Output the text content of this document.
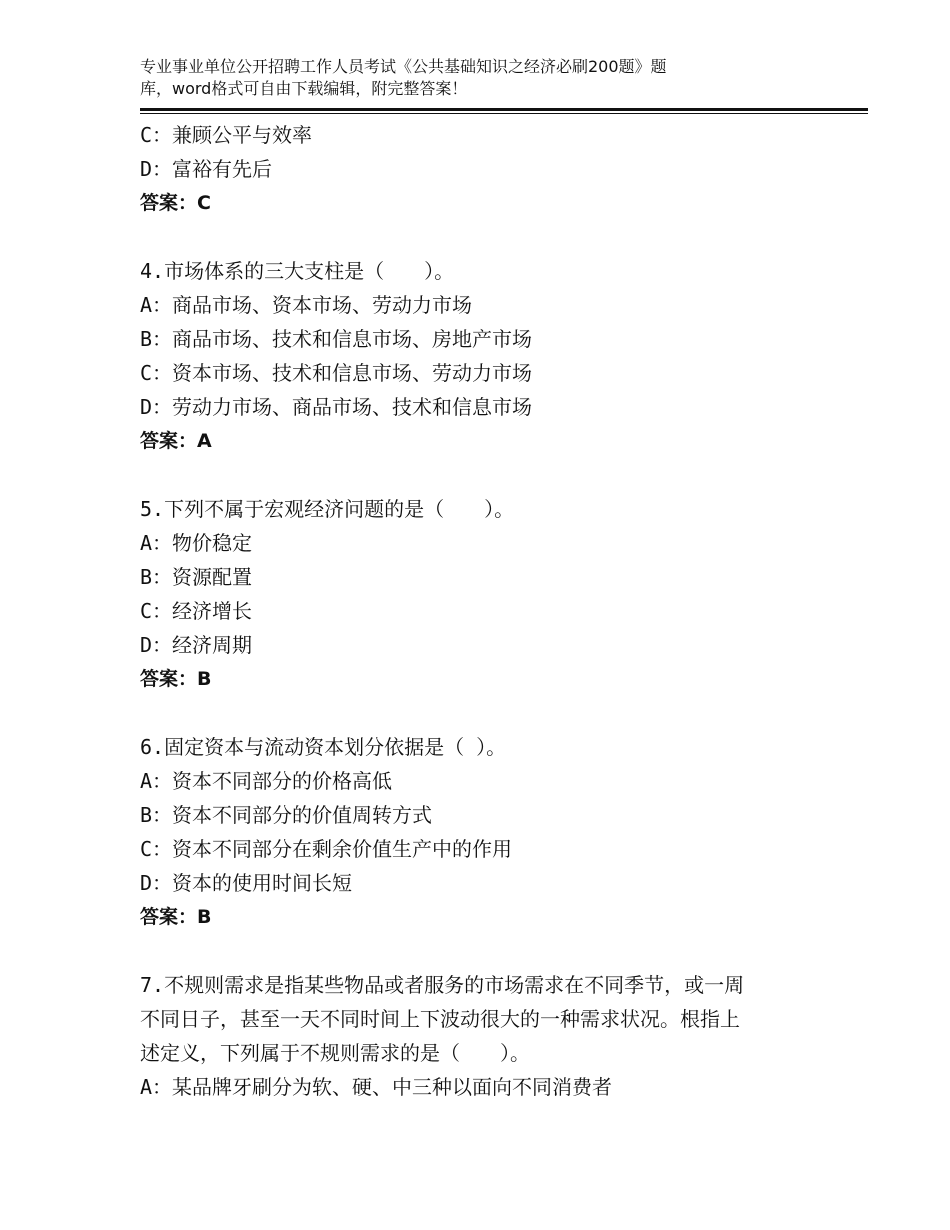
专业事业单位公开招聘工作人员考试《公共基础知识之经济必刷200题》题
库，word格式可自由下载编辑，附完整答案！
C：兼顾公平与效率
D：富裕有先后
答案：C
4.市场体系的三大支柱是（　　）。
A：商品市场、资本市场、劳动力市场
B：商品市场、技术和信息市场、房地产市场
C：资本市场、技术和信息市场、劳动力市场
D：劳动力市场、商品市场、技术和信息市场
答案：A
5.下列不属于宏观经济问题的是（　　）。
A：物价稳定
B：资源配置
C：经济增长
D：经济周期
答案：B
6.固定资本与流动资本划分依据是（ ）。
A：资本不同部分的价格高低
B：资本不同部分的价值周转方式
C：资本不同部分在剩余价值生产中的作用
D：资本的使用时间长短
答案：B
7.不规则需求是指某些物品或者服务的市场需求在不同季节，或一周
不同日子，甚至一天不同时间上下波动很大的一种需求状况。根指上
述定义，下列属于不规则需求的是（　　）。
A：某品牌牙刷分为软、硬、中三种以面向不同消费者
